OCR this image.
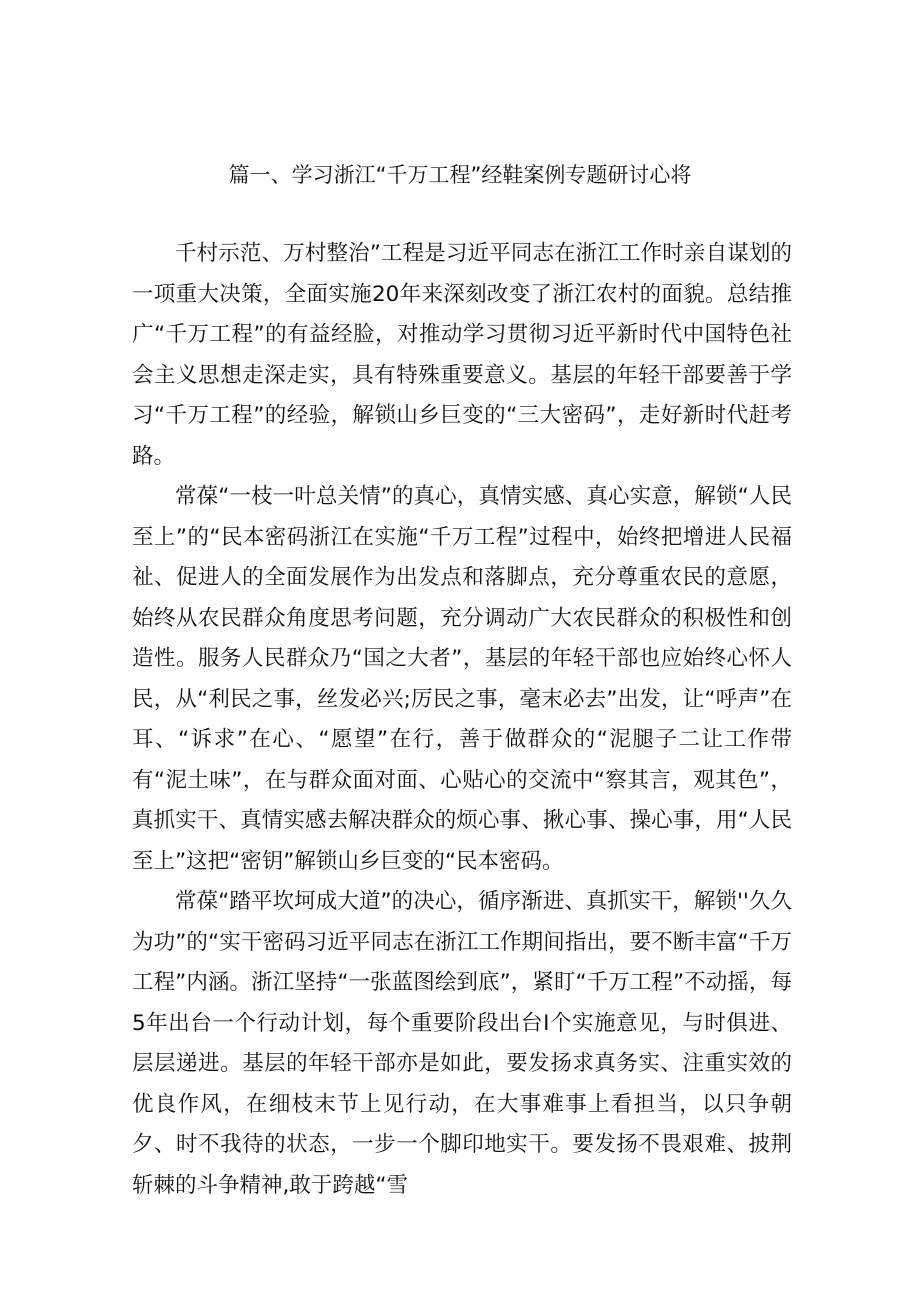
篇一、学习浙江“千万工程”经鞋案例专题研讨心将

千村示范、万村整治”工程是习近平同志在浙江工作时亲自谋划的一项重大决策，全面实施20年来深刻改变了浙江农村的面貌。总结推广“千万工程”的有益经脸，对推动学习贯彻习近平新时代中国特色社会主义思想走深走实，具有特殊重要意义。基层的年轻干部要善于学习“千万工程”的经验，解锁山乡巨变的“三大密码”，走好新时代赶考路。

常葆“一枝一叶总关情”的真心，真情实感、真心实意，解锁“人民至上”的“民本密码浙江在实施“千万工程”过程中，始终把增进人民福祉、促进人的全面发展作为出发点和落脚点，充分尊重农民的意愿，始终从农民群众角度思考问题，充分调动广大农民群众的积极性和创造性。服务人民群众乃“国之大者”，基层的年轻干部也应始终心怀人民，从“利民之事，丝发必兴;厉民之事，毫末必去”出发，让“呼声”在耳、“诉求”在心、“愿望”在行，善于做群众的“泥腿子二让工作带有“泥土味”，在与群众面对面、心贴心的交流中“察其言，观其色”，真抓实干、真情实感去解决群众的烦心事、揪心事、操心事，用“人民至上”这把“密钥”解锁山乡巨变的“民本密码。

常葆“踏平坎坷成大道”的决心，循序渐进、真抓实干，解锁''久久为功”的“实干密码习近平同志在浙江工作期间指出，要不断丰富“千万工程”内涵。浙江坚持“一张蓝图绘到底”，紧盯“千万工程”不动摇，每5年出台一个行动计划，每个重要阶段出台I个实施意见，与时俱进、层层递进。基层的年轻干部亦是如此，要发扬求真务实、注重实效的优良作风，在细枝末节上见行动，在大事难事上看担当，以只争朝夕、时不我待的状态，一步一个脚印地实干。要发扬不畏艰难、披荆斩棘的斗争精神,敢于跨越“雪
